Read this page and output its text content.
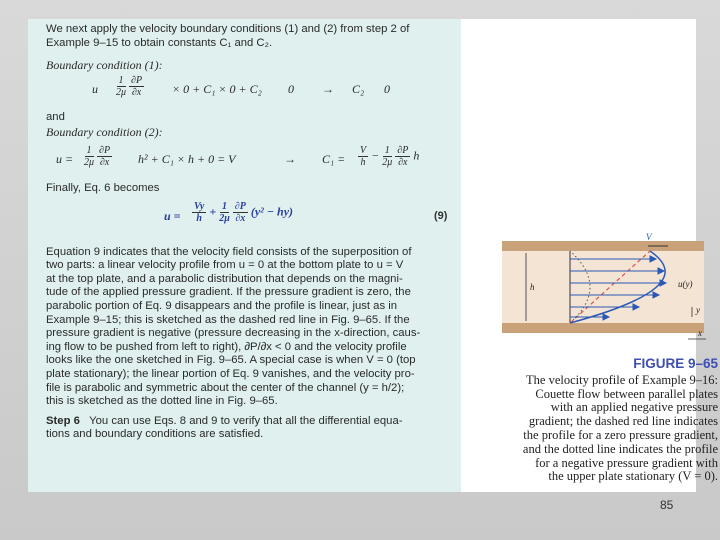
We next apply the velocity boundary conditions (1) and (2) from step 2 of

Example 9–15 to obtain constants C₁ and C₂.

Boundary condition (1):

u $\frac{1}{2\mu}$
$\frac{\partial P}{\partial x} \times 0 + C_1 \times 0 + C_2$ 0 → C₂ 0

and

Boundary condition (2):

$u = \frac{1}{2\mu}$
$\frac{\partial P}{\partial x} h^2 + C_1 \times h + 0 = V$	→ $C_1 = \frac{V}{h} - \frac{1}{2\mu}$
$\frac{\partial P}{\partial x}$ h

Finally, Eq. 6 becomes

$u = \frac{Vy}{h} + \frac{1}{2\mu}$
$\frac{\partial P}{\partial x} (y^2 - hy)$	(9)

Equation 9 indicates that the velocity field consists of the superposition of

two parts: a linear velocity profile from u = 0 at the bottom plate to u = V

at the top plate, and a parabolic distribution that depends on the magni-

tude of the applied pressure gradient. If the pressure gradient is zero, the

parabolic portion of Eq. 9 disappears and the profile is linear, just as in

Example 9–15; this is sketched as the dashed red line in Fig. 9–65. If the

pressure gradient is negative (pressure decreasing in the x-direction, caus-

ing flow to be pushed from left to right), ∂P/∂x < 0 and the velocity profile

looks like the one sketched in Fig. 9–65. A special case is when V = 0 (top

plate stationary); the linear portion of Eq. 9 vanishes, and the velocity pro-

file is parabolic and symmetric about the center of the channel (y = h/2);

this is sketched as the dotted line in Fig. 9–65.

Step 6 You can use Eqs. 8 and 9 to verify that all the differential equa-

tions and boundary conditions are satisfied.

V
u(y)
h
y
x
FIGURE 9–65
The velocity profile of Example 9–16:
Couette flow between parallel plates
with an applied negative pressure
gradient; the dashed red line indicates
the profile for a zero pressure gradient,
and the dotted line indicates the profile
for a negative pressure gradient with
the upper plate stationary (V = 0).
85
